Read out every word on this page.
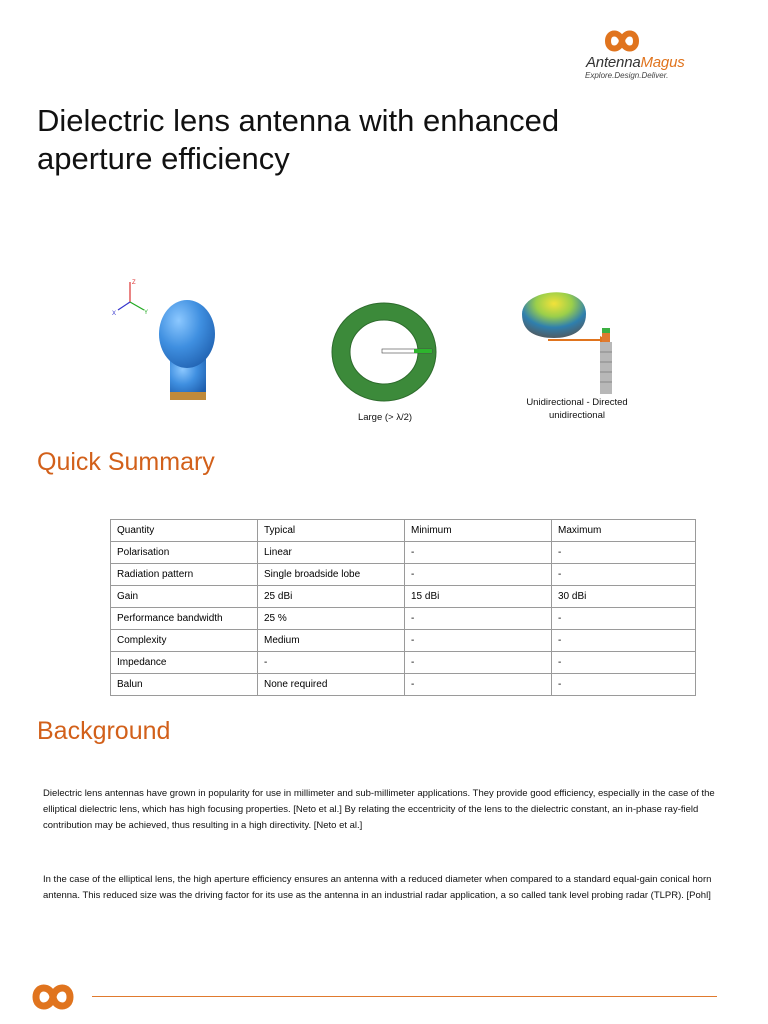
AntennaMagus
Explore.Design.Deliver.
Dielectric lens antenna with enhanced aperture efficiency
Z
Y
X
Large (> λ/2)
Unidirectional - Directed unidirectional
Quick Summary
Quantity	Typical	Minimum	Maximum
Polarisation	Linear	-	-
Radiation pattern	Single broadside lobe	-	-
Gain	25 dBi	15 dBi	30 dBi
Performance bandwidth	25 %	-	-
Complexity	Medium	-	-
Impedance	-	-	-
Balun	None required	-	-
Background

Dielectric lens antennas have grown in popularity for use in millimeter and sub-millimeter applications. They provide good efficiency, especially in the case of the elliptical dielectric lens, which has high focusing properties. [Neto et al.] By relating the eccentricity of the lens to the dielectric constant, an in-phase ray-field contribution may be achieved, thus resulting in a high directivity. [Neto et al.]

In the case of the elliptical lens, the high aperture efficiency ensures an antenna with a reduced diameter when compared to a standard equal-gain conical horn antenna. This reduced size was the driving factor for its use as the antenna in an industrial radar application, a so called tank level probing radar (TLPR). [Pohl]
